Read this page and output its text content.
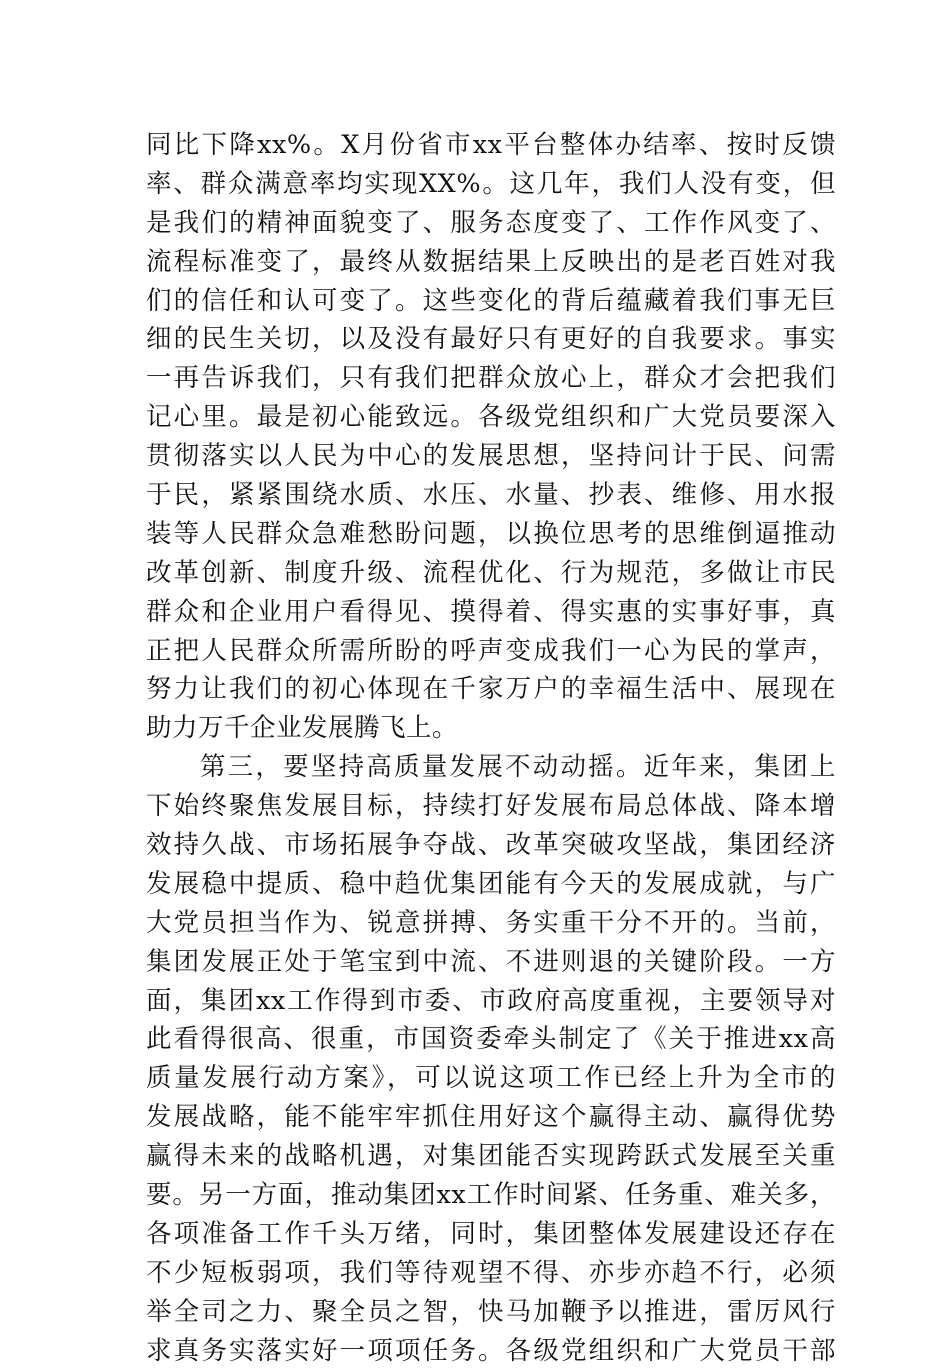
同比下降xx%。X月份省市xx平台整体办结率、按时反馈
率、群众满意率均实现XX%。这几年，我们人没有变，但
是我们的精神面貌变了、服务态度变了、工作作风变了、
流程标准变了，最终从数据结果上反映出的是老百姓对我
们的信任和认可变了。这些变化的背后蕴藏着我们事无巨
细的民生关切，以及没有最好只有更好的自我要求。事实
一再告诉我们，只有我们把群众放心上，群众才会把我们
记心里。最是初心能致远。各级党组织和广大党员要深入
贯彻落实以人民为中心的发展思想，坚持问计于民、问需
于民，紧紧围绕水质、水压、水量、抄表、维修、用水报
装等人民群众急难愁盼问题，以换位思考的思维倒逼推动
改革创新、制度升级、流程优化、行为规范，多做让市民
群众和企业用户看得见、摸得着、得实惠的实事好事，真
正把人民群众所需所盼的呼声变成我们一心为民的掌声，
努力让我们的初心体现在千家万户的幸福生活中、展现在
助力万千企业发展腾飞上。
第三，要坚持高质量发展不动动摇。近年来，集团上
下始终聚焦发展目标，持续打好发展布局总体战、降本增
效持久战、市场拓展争夺战、改革突破攻坚战，集团经济
发展稳中提质、稳中趋优集团能有今天的发展成就，与广
大党员担当作为、锐意拼搏、务实重干分不开的。当前，
集团发展正处于笔宝到中流、不进则退的关键阶段。一方
面，集团xx工作得到市委、市政府高度重视，主要领导对
此看得很高、很重，市国资委牵头制定了《关于推进xx高
质量发展行动方案》，可以说这项工作已经上升为全市的
发展战略，能不能牢牢抓住用好这个赢得主动、赢得优势
赢得未来的战略机遇，对集团能否实现跨跃式发展至关重
要。另一方面，推动集团xx工作时间紧、任务重、难关多，
各项准备工作千头万绪，同时，集团整体发展建设还存在
不少短板弱项，我们等待观望不得、亦步亦趋不行，必须
举全司之力、聚全员之智，快马加鞭予以推进，雷厉风行
求真务实落实好一项项任务。各级党组织和广大党员干部
